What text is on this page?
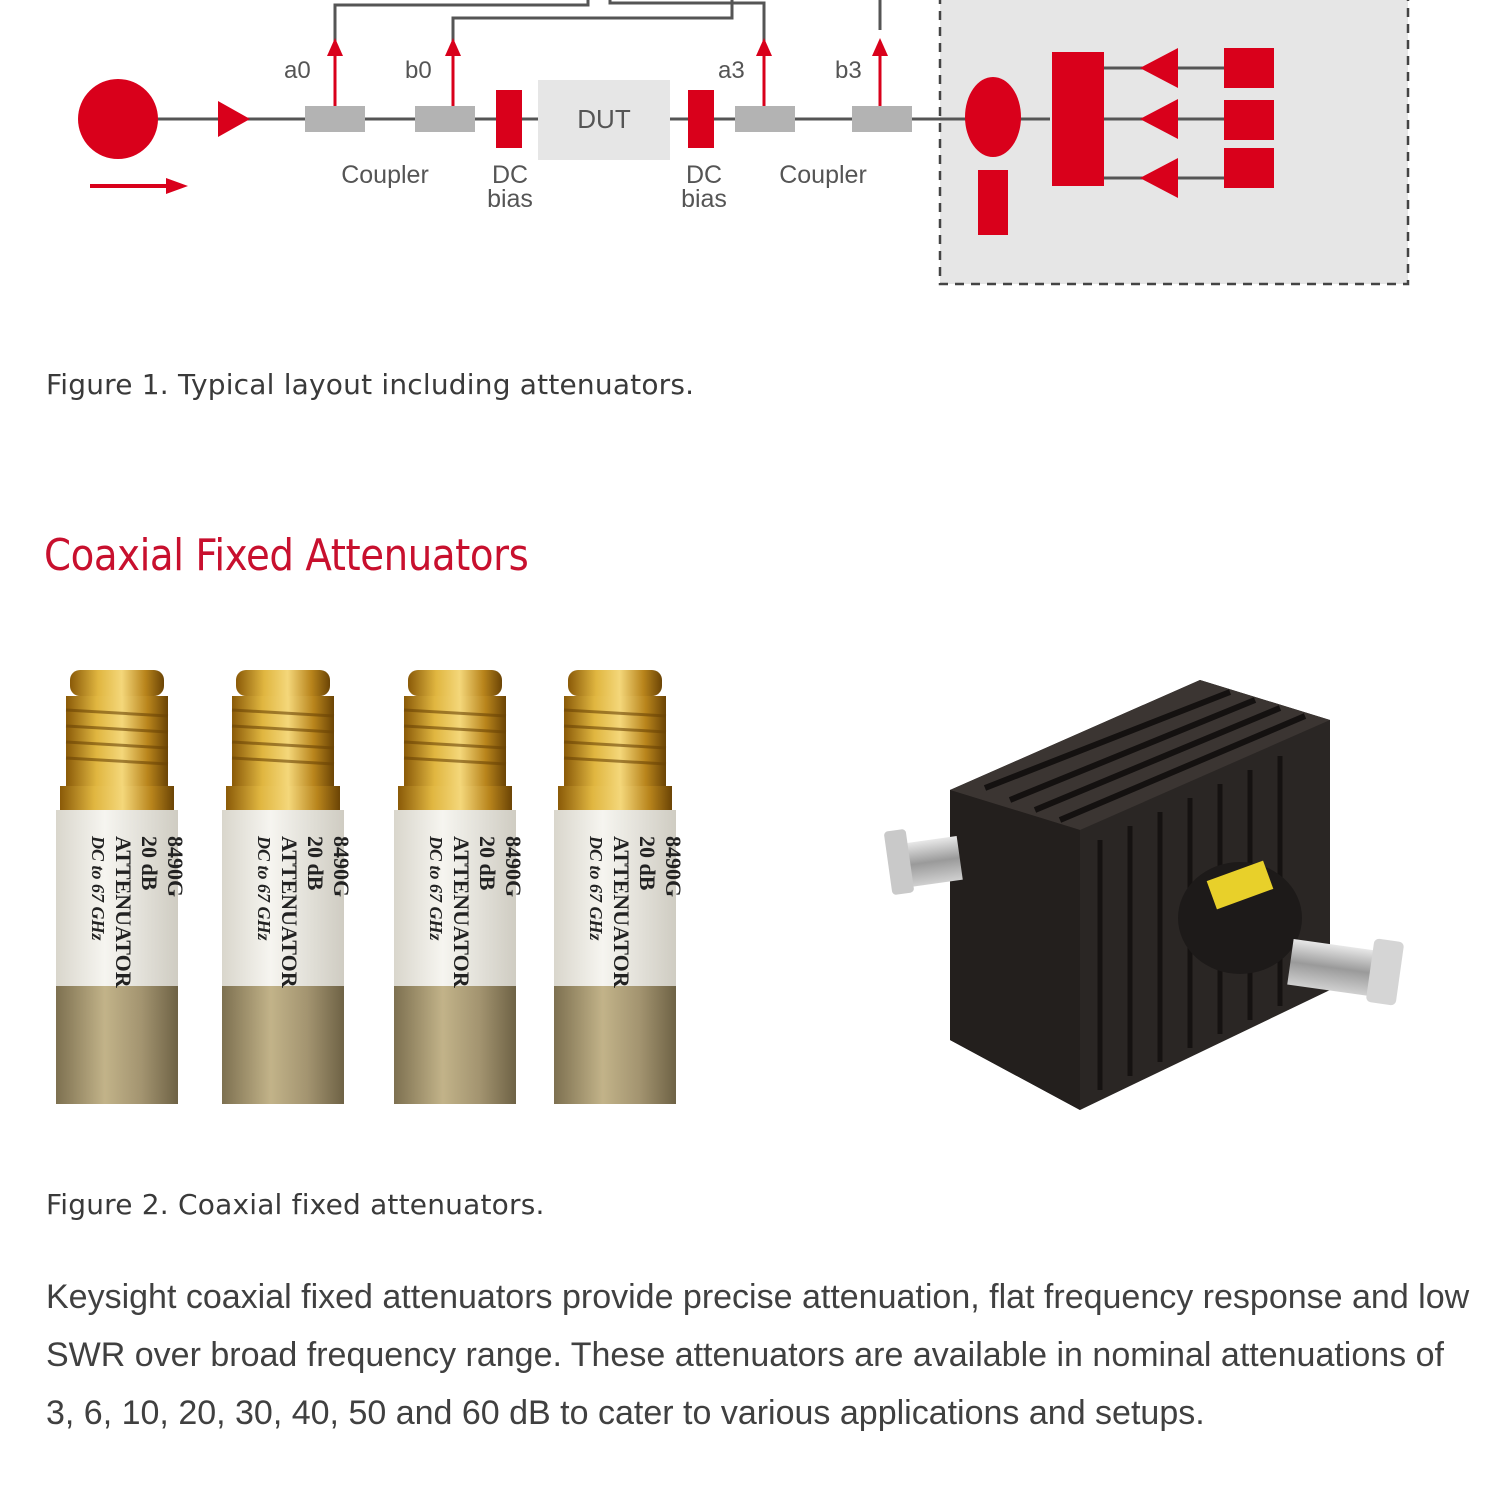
a0	b0	a3	b3
DUT
Coupler	DC
bias
DC
bias
Coupler

Figure 1. Typical layout including attenuators.

Coaxial Fixed Attenuators
8490G
20 dB
ATTENUATOR
DC to 67 GHz	8490G
20 dB
ATTENUATOR
DC to 67 GHz	8490G
20 dB
ATTENUATOR
DC to 67 GHz	8490G
20 dB
ATTENUATOR
DC to 67 GHz

Figure 2. Coaxial fixed attenuators.

Keysight coaxial fixed attenuators provide precise attenuation, flat frequency response and low SWR over broad frequency range. These attenuators are available in nominal attenuations of 3, 6, 10, 20, 30, 40, 50 and 60 dB to cater to various applications and setups.
